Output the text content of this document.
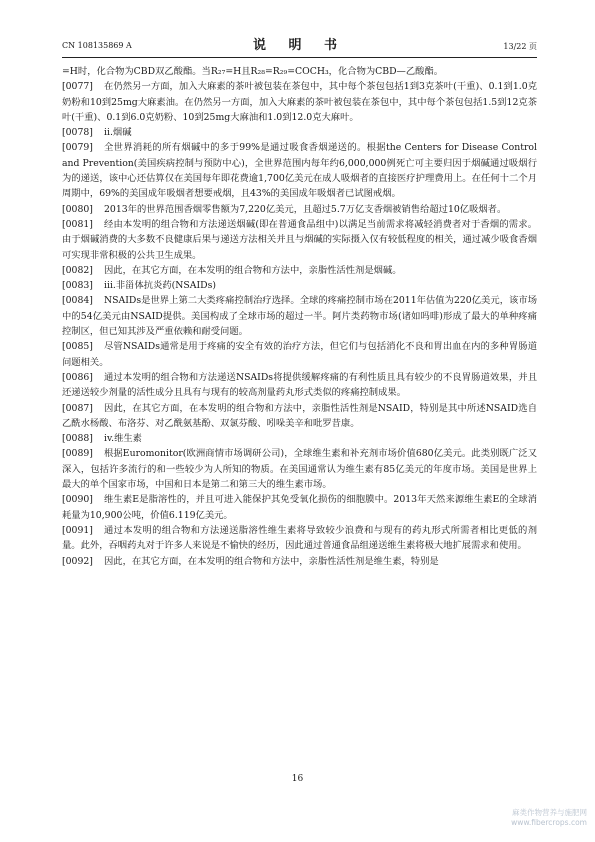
CN 108135869 A	说 明 书	13/22 页

=H时，化合物为CBD双乙酸酯。当R₂₇=H且R₂₈=R₂₉=COCH₃，化合物为CBD—乙酸酯。

[0077] 在仍然另一方面，加入大麻素的茶叶被包装在茶包中，其中每个茶包包括1到3克茶叶(干重)、0.1到1.0克奶粉和10到25mg大麻素油。在仍然另一方面，加入大麻素的茶叶被包装在茶包中，其中每个茶包包括1.5到12克茶叶(干重)、0.1到6.0克奶粉、10到25mg大麻油和1.0到12.0克大麻叶。

[0078] ii.烟碱

[0079] 全世界消耗的所有烟碱中的多于99%是通过吸食香烟递送的。根据the Centers for Disease Control and Prevention(美国疾病控制与预防中心)，全世界范围内每年约6,000,000例死亡可主要归因于烟碱通过吸烟行为的递送，该中心还估算仅在美国每年即花费逾1,700亿美元在成人吸烟者的直接医疗护理费用上。在任何十二个月周期中，69%的美国成年吸烟者想要戒烟，且43%的美国成年吸烟者已试图戒烟。

[0080] 2013年的世界范围香烟零售额为7,220亿美元，且超过5.7万亿支香烟被销售给超过10亿吸烟者。

[0081] 经由本发明的组合物和方法递送烟碱(即在普通食品组中)以满足当前需求将减轻消费者对于香烟的需求。由于烟碱消费的大多数不良健康后果与递送方法相关并且与烟碱的实际摄入仅有较低程度的相关，通过减少吸食香烟可实现非常积极的公共卫生成果。

[0082] 因此，在其它方面，在本发明的组合物和方法中，亲脂性活性剂是烟碱。

[0083] iii.非甾体抗炎药(NSAIDs)

[0084] NSAIDs是世界上第二大类疼痛控制治疗选择。全球的疼痛控制市场在2011年估值为220亿美元，该市场中的54亿美元由NSAID提供。美国构成了全球市场的超过一半。阿片类药物市场(诸如吗啡)形成了最大的单种疼痛控制区，但已知其涉及严重依赖和耐受问题。

[0085] 尽管NSAIDs通常是用于疼痛的安全有效的治疗方法，但它们与包括消化不良和胃出血在内的多种胃肠道问题相关。

[0086] 通过本发明的组合物和方法递送NSAIDs将提供缓解疼痛的有利性质且具有较少的不良胃肠道效果，并且还递送较少剂量的活性成分且具有与现有的较高剂量药丸形式类似的疼痛控制成果。

[0087] 因此，在其它方面，在本发明的组合物和方法中，亲脂性活性剂是NSAID，特别是其中所述NSAID选自乙酰水杨酸、布洛芬、对乙酰氨基酚、双氯芬酸、吲哚美辛和吡罗昔康。

[0088] iv.维生素

[0089] 根据Euromonitor(欧洲商情市场调研公司)，全球维生素和补充剂市场价值680亿美元。此类别既广泛又深入，包括许多流行的和一些较少为人所知的物质。在美国通常认为维生素有85亿美元的年度市场。美国是世界上最大的单个国家市场，中国和日本是第二和第三大的维生素市场。

[0090] 维生素E是脂溶性的，并且可进入能保护其免受氧化损伤的细胞膜中。2013年天然来源维生素E的全球消耗量为10,900公吨，价值6.119亿美元。

[0091] 通过本发明的组合物和方法递送脂溶性维生素将导致较少浪费和与现有的药丸形式所需者相比更低的剂量。此外，吞咽药丸对于许多人来说是不愉快的经历，因此通过普通食品组递送维生素将极大地扩展需求和使用。

[0092] 因此，在其它方面，在本发明的组合物和方法中，亲脂性活性剂是维生素，特别是

16
麻类作物营养与施肥网
www.fibercrops.com
